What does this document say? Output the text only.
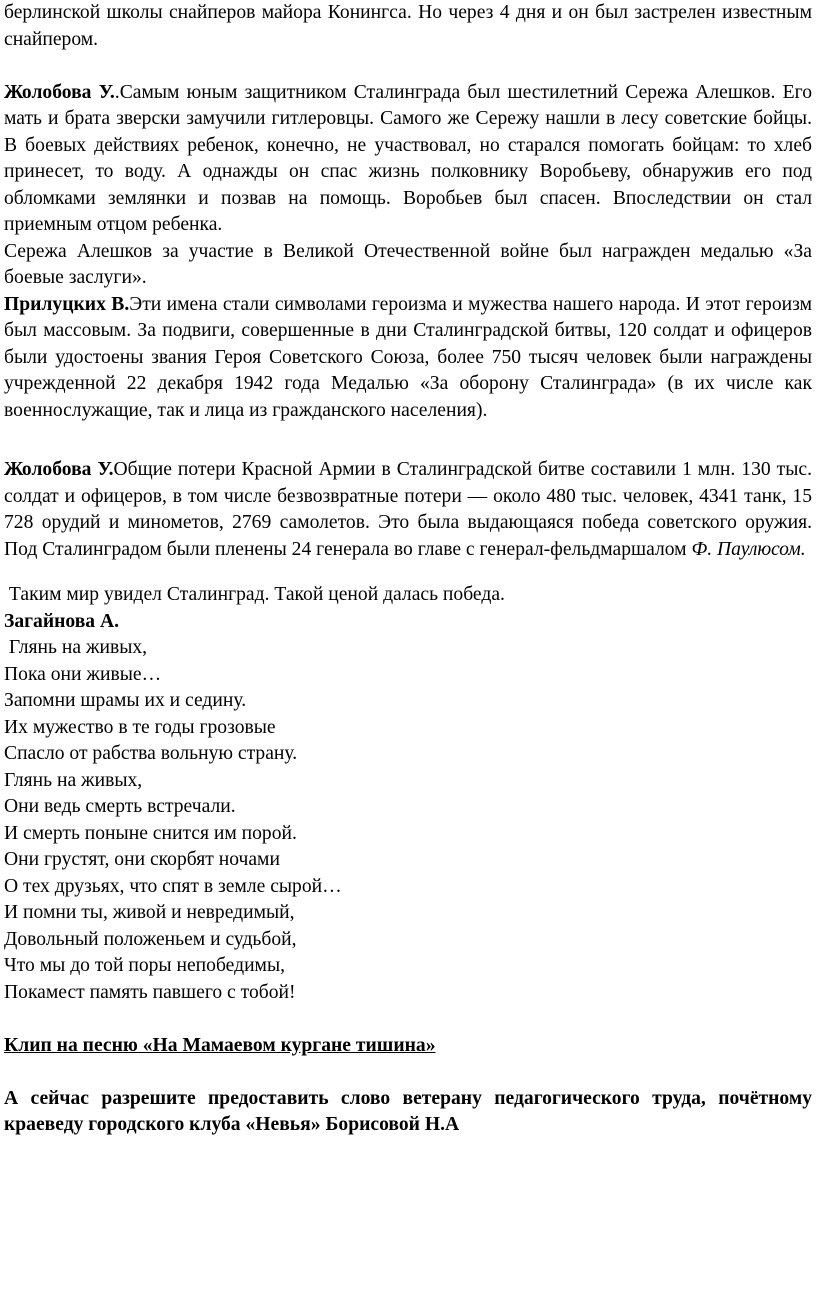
берлинской школы снайперов майора Конингса. Но через 4 дня и он был застрелен известным снайпером.

Жолобова У..Самым юным защитником Сталинграда был шестилетний Сережа Алешков. Его мать и брата зверски замучили гитлеровцы. Самого же Сережу нашли в лесу советские бойцы. В боевых действиях ребенок, конечно, не участвовал, но старался помогать бойцам: то хлеб принесет, то воду. А однажды он спас жизнь полковнику Воробьеву, обнаружив его под обломками землянки и позвав на помощь. Воробьев был спасен. Впоследствии он стал приемным отцом ребенка.

Сережа Алешков за участие в Великой Отечественной войне был награжден медалью «За боевые заслуги».

Прилуцких В.Эти имена стали символами героизма и мужества нашего народа. И этот героизм был массовым. За подвиги, совершенные в дни Сталинградской битвы, 120 солдат и офицеров были удостоены звания Героя Советского Союза, более 750 тысяч человек были награждены учрежденной 22 декабря 1942 года Медалью «За оборону Сталинграда» (в их числе как военнослужащие, так и лица из гражданского населения).

Жолобова У.Общие потери Красной Армии в Сталинградской битве составили 1 млн. 130 тыс. солдат и офицеров, в том числе безвозвратные потери — около 480 тыс. человек, 4341 танк, 15 728 орудий и минометов, 2769 самолетов. Это была выдающаяся победа советского оружия. Под Сталинградом были пленены 24 генерала во главе с генерал-фельдмаршалом Ф. Паулюсом.

Таким мир увидел Сталинград. Такой ценой далась победа.

Загайнова А.

Глянь на живых,

Пока они живые…

Запомни шрамы их и седину.

Их мужество в те годы грозовые

Спасло от рабства вольную страну.

Глянь на живых,

Они ведь смерть встречали.

И смерть поныне снится им порой.

Они грустят, они скорбят ночами

О тех друзьях, что спят в земле сырой…

И помни ты, живой и невредимый,

Довольный положеньем и судьбой,

Что мы до той поры непобедимы,

Покамест память павшего с тобой!

Клип на песню «На Мамаевом кургане тишина»

А сейчас разрешите предоставить слово ветерану педагогического труда, почётному краеведу городского клуба «Невья» Борисовой Н.А
